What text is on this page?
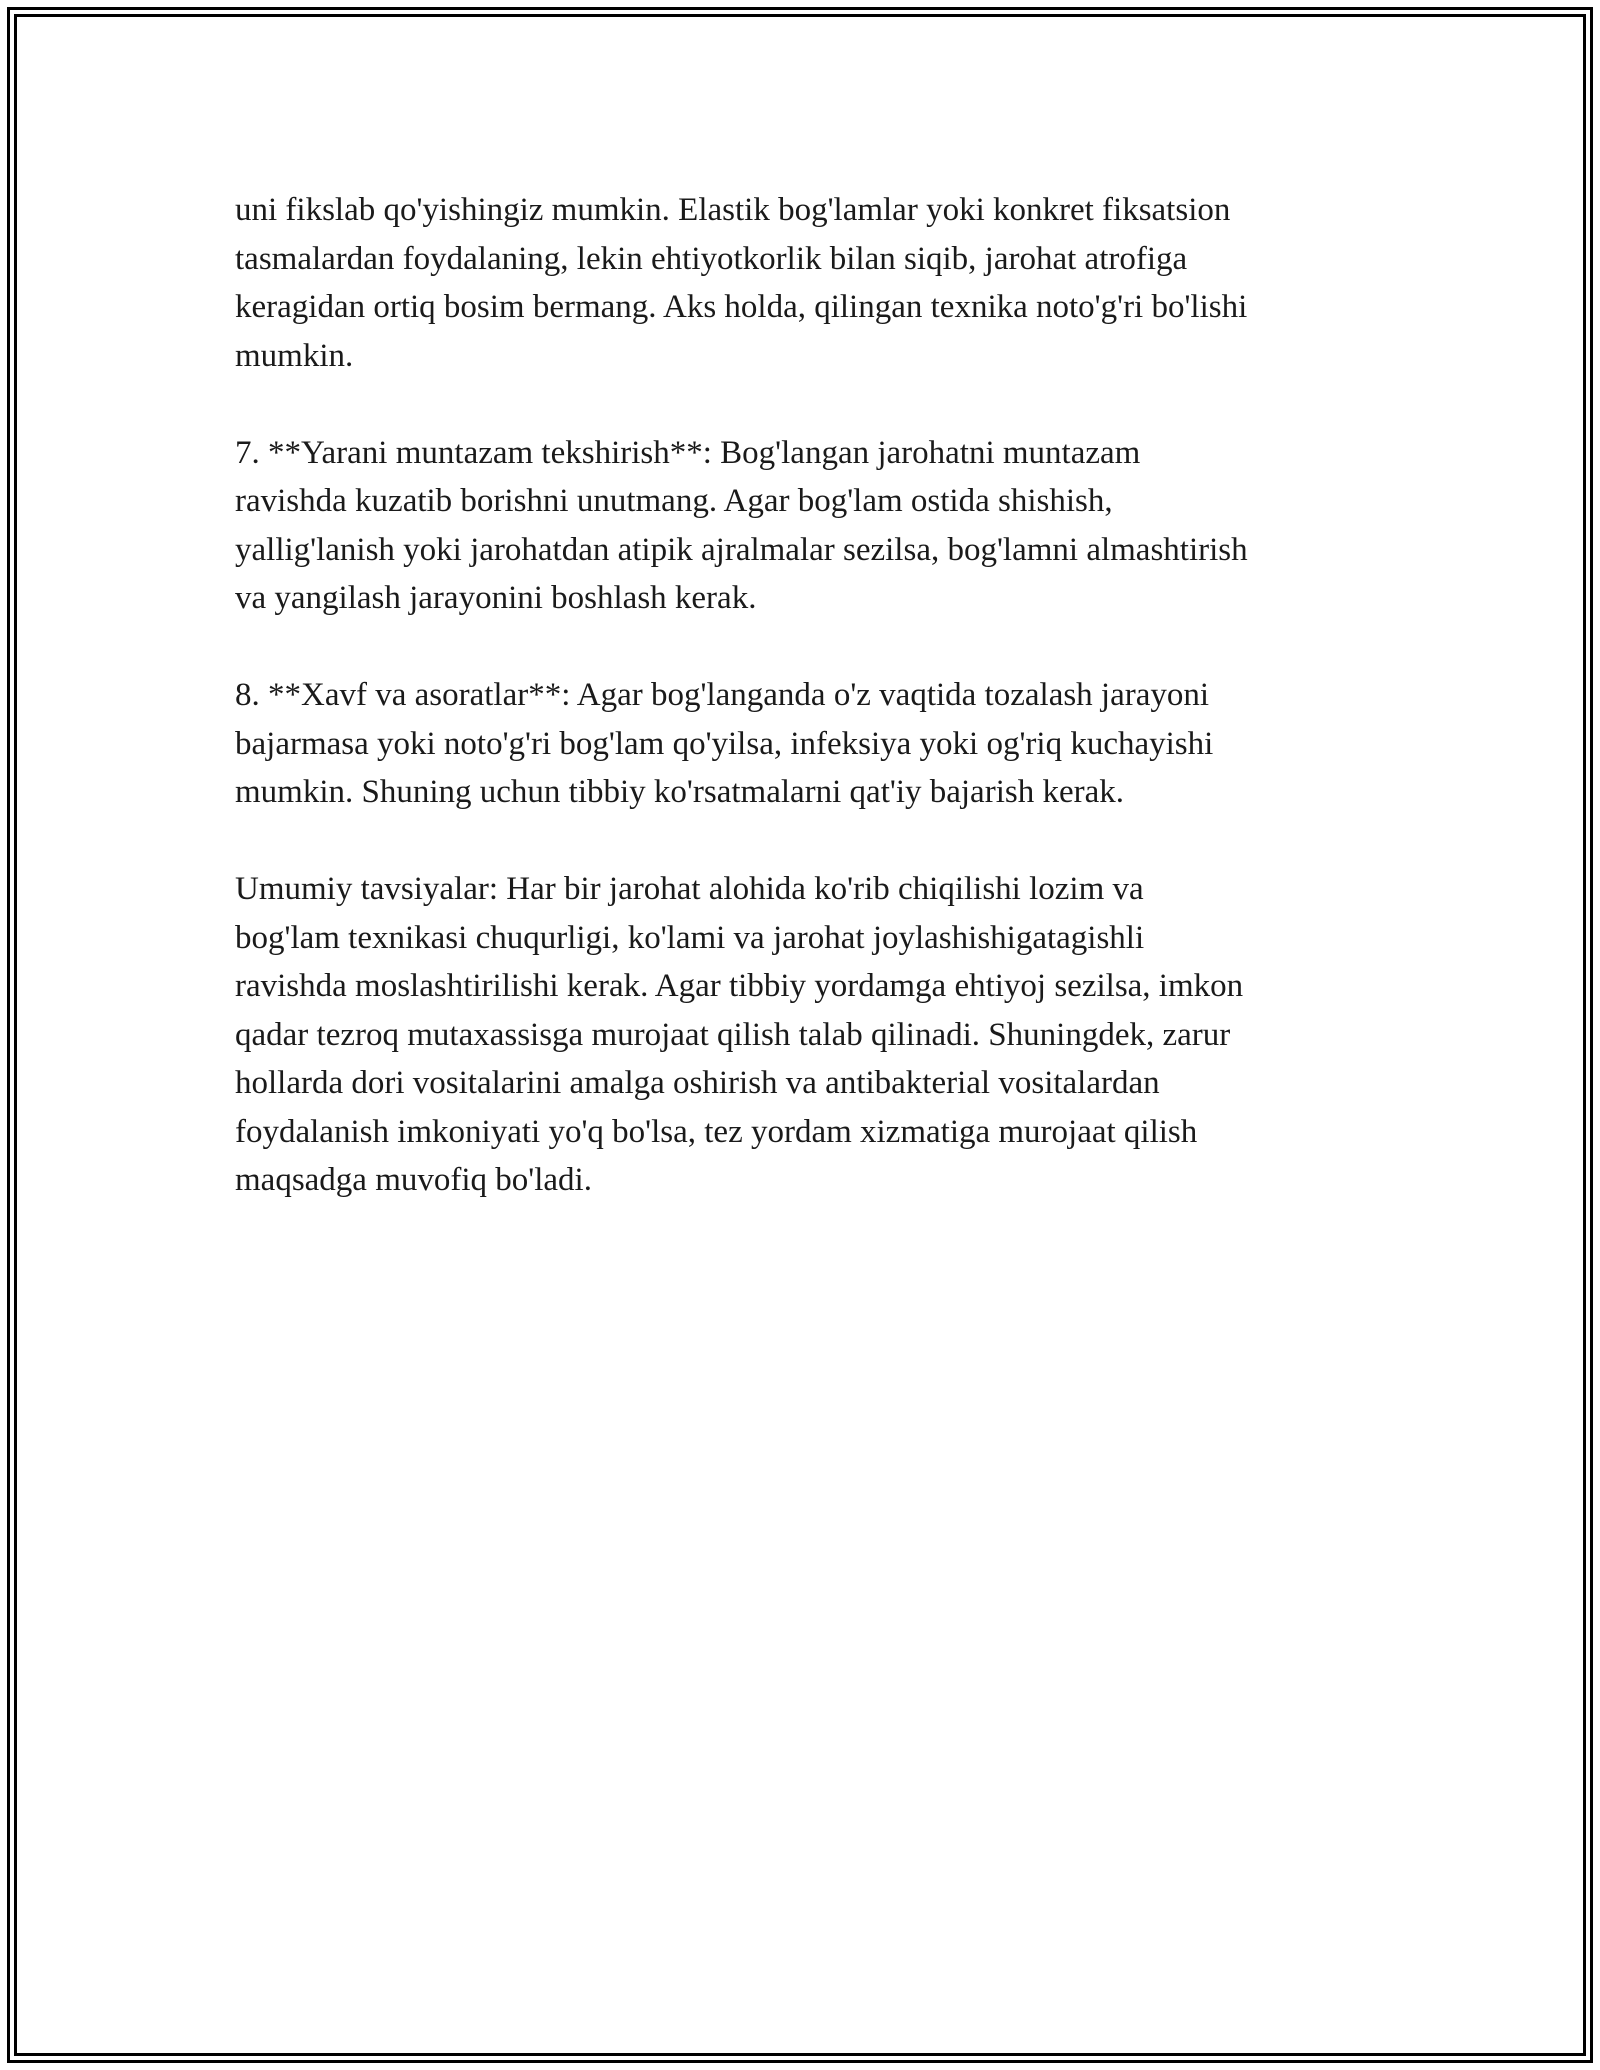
uni fikslab qo'yishingiz mumkin. Elastik bog'lamlar yoki konkret fiksatsion
tasmalardan foydalaning, lekin ehtiyotkorlik bilan siqib, jarohat atrofiga
keragidan ortiq bosim bermang. Aks holda, qilingan texnika noto'g'ri bo'lishi
mumkin.

7. **Yarani muntazam tekshirish**: Bog'langan jarohatni muntazam
ravishda kuzatib borishni unutmang. Agar bog'lam ostida shishish,
yallig'lanish yoki jarohatdan atipik ajralmalar sezilsa, bog'lamni almashtirish
va yangilash jarayonini boshlash kerak.

8. **Xavf va asoratlar**: Agar bog'langanda o'z vaqtida tozalash jarayoni
bajarmasa yoki noto'g'ri bog'lam qo'yilsa, infeksiya yoki og'riq kuchayishi
mumkin. Shuning uchun tibbiy ko'rsatmalarni qat'iy bajarish kerak.

Umumiy tavsiyalar: Har bir jarohat alohida ko'rib chiqilishi lozim va
bog'lam texnikasi chuqurligi, ko'lami va jarohat joylashishigatagishli
ravishda moslashtirilishi kerak. Agar tibbiy yordamga ehtiyoj sezilsa, imkon
qadar tezroq mutaxassisga murojaat qilish talab qilinadi. Shuningdek, zarur
hollarda dori vositalarini amalga oshirish va antibakterial vositalardan
foydalanish imkoniyati yo'q bo'lsa, tez yordam xizmatiga murojaat qilish
maqsadga muvofiq bo'ladi.
